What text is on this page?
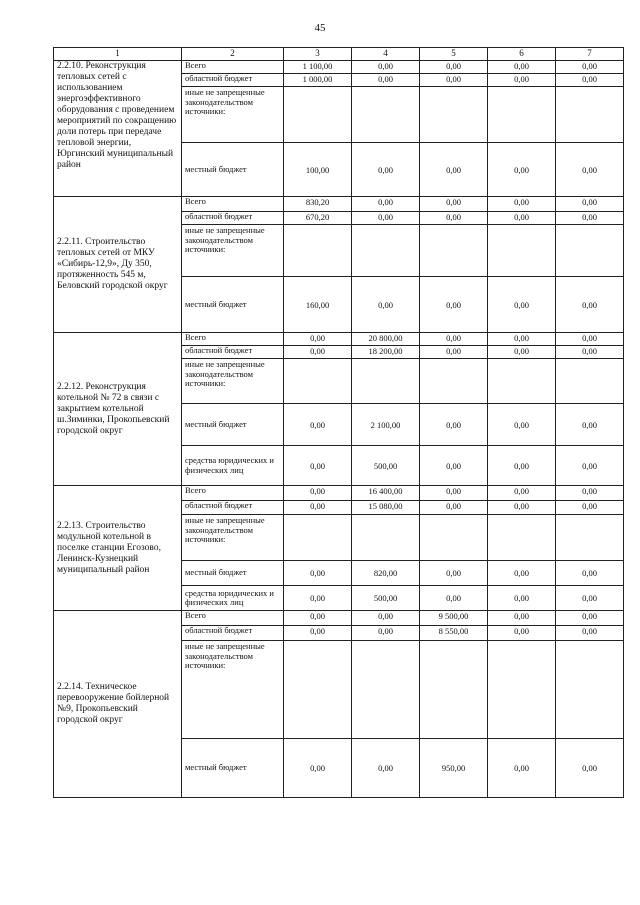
45
1	2	3	4	5	6	7
2.2.10. Реконструкция тепловых сетей с использованием энергоэффективного оборудования с проведением мероприятий по сокращению доли потерь при передаче тепловой энергии, Юргинский муниципальный район	Всего	1 100,00	0,00	0,00	0,00	0,00
	областной бюджет	1 000,00	0,00	0,00	0,00	0,00
	иные не запрещенные законодательством источники:					
	местный бюджет	100,00	0,00	0,00	0,00	0,00
2.2.11. Строительство тепловых сетей от МКУ «Сибирь-12,9», Ду 350, протяженность 545 м, Беловский городской округ	Всего	830,20	0,00	0,00	0,00	0,00
	областной бюджет	670,20	0,00	0,00	0,00	0,00
	иные не запрещенные законодательством источники:					
	местный бюджет	160,00	0,00	0,00	0,00	0,00
2.2.12. Реконструкция котельной № 72 в связи с закрытием котельной ш.Зиминки, Прокопьевский городской округ	Всего	0,00	20 800,00	0,00	0,00	0,00
	областной бюджет	0,00	18 200,00	0,00	0,00	0,00
	иные не запрещенные законодательством источники:					
	местный бюджет	0,00	2 100,00	0,00	0,00	0,00
	средства юридических и физических лиц	0,00	500,00	0,00	0,00	0,00
2.2.13. Строительство модульной котельной в поселке станции Егозово, Ленинск-Кузнецкий муниципальный район	Всего	0,00	16 400,00	0,00	0,00	0,00
	областной бюджет	0,00	15 080,00	0,00	0,00	0,00
	иные не запрещенные законодательством источники:					
	местный бюджет	0,00	820,00	0,00	0,00	0,00
	средства юридических и физических лиц	0,00	500,00	0,00	0,00	0,00
2.2.14. Техническое перевооружение бойлерной №9, Прокопьевский городской округ	Всего	0,00	0,00	9 500,00	0,00	0,00
	областной бюджет	0,00	0,00	8 550,00	0,00	0,00
	иные не запрещенные законодательством источники:					
	местный бюджет	0,00	0,00	950,00	0,00	0,00
